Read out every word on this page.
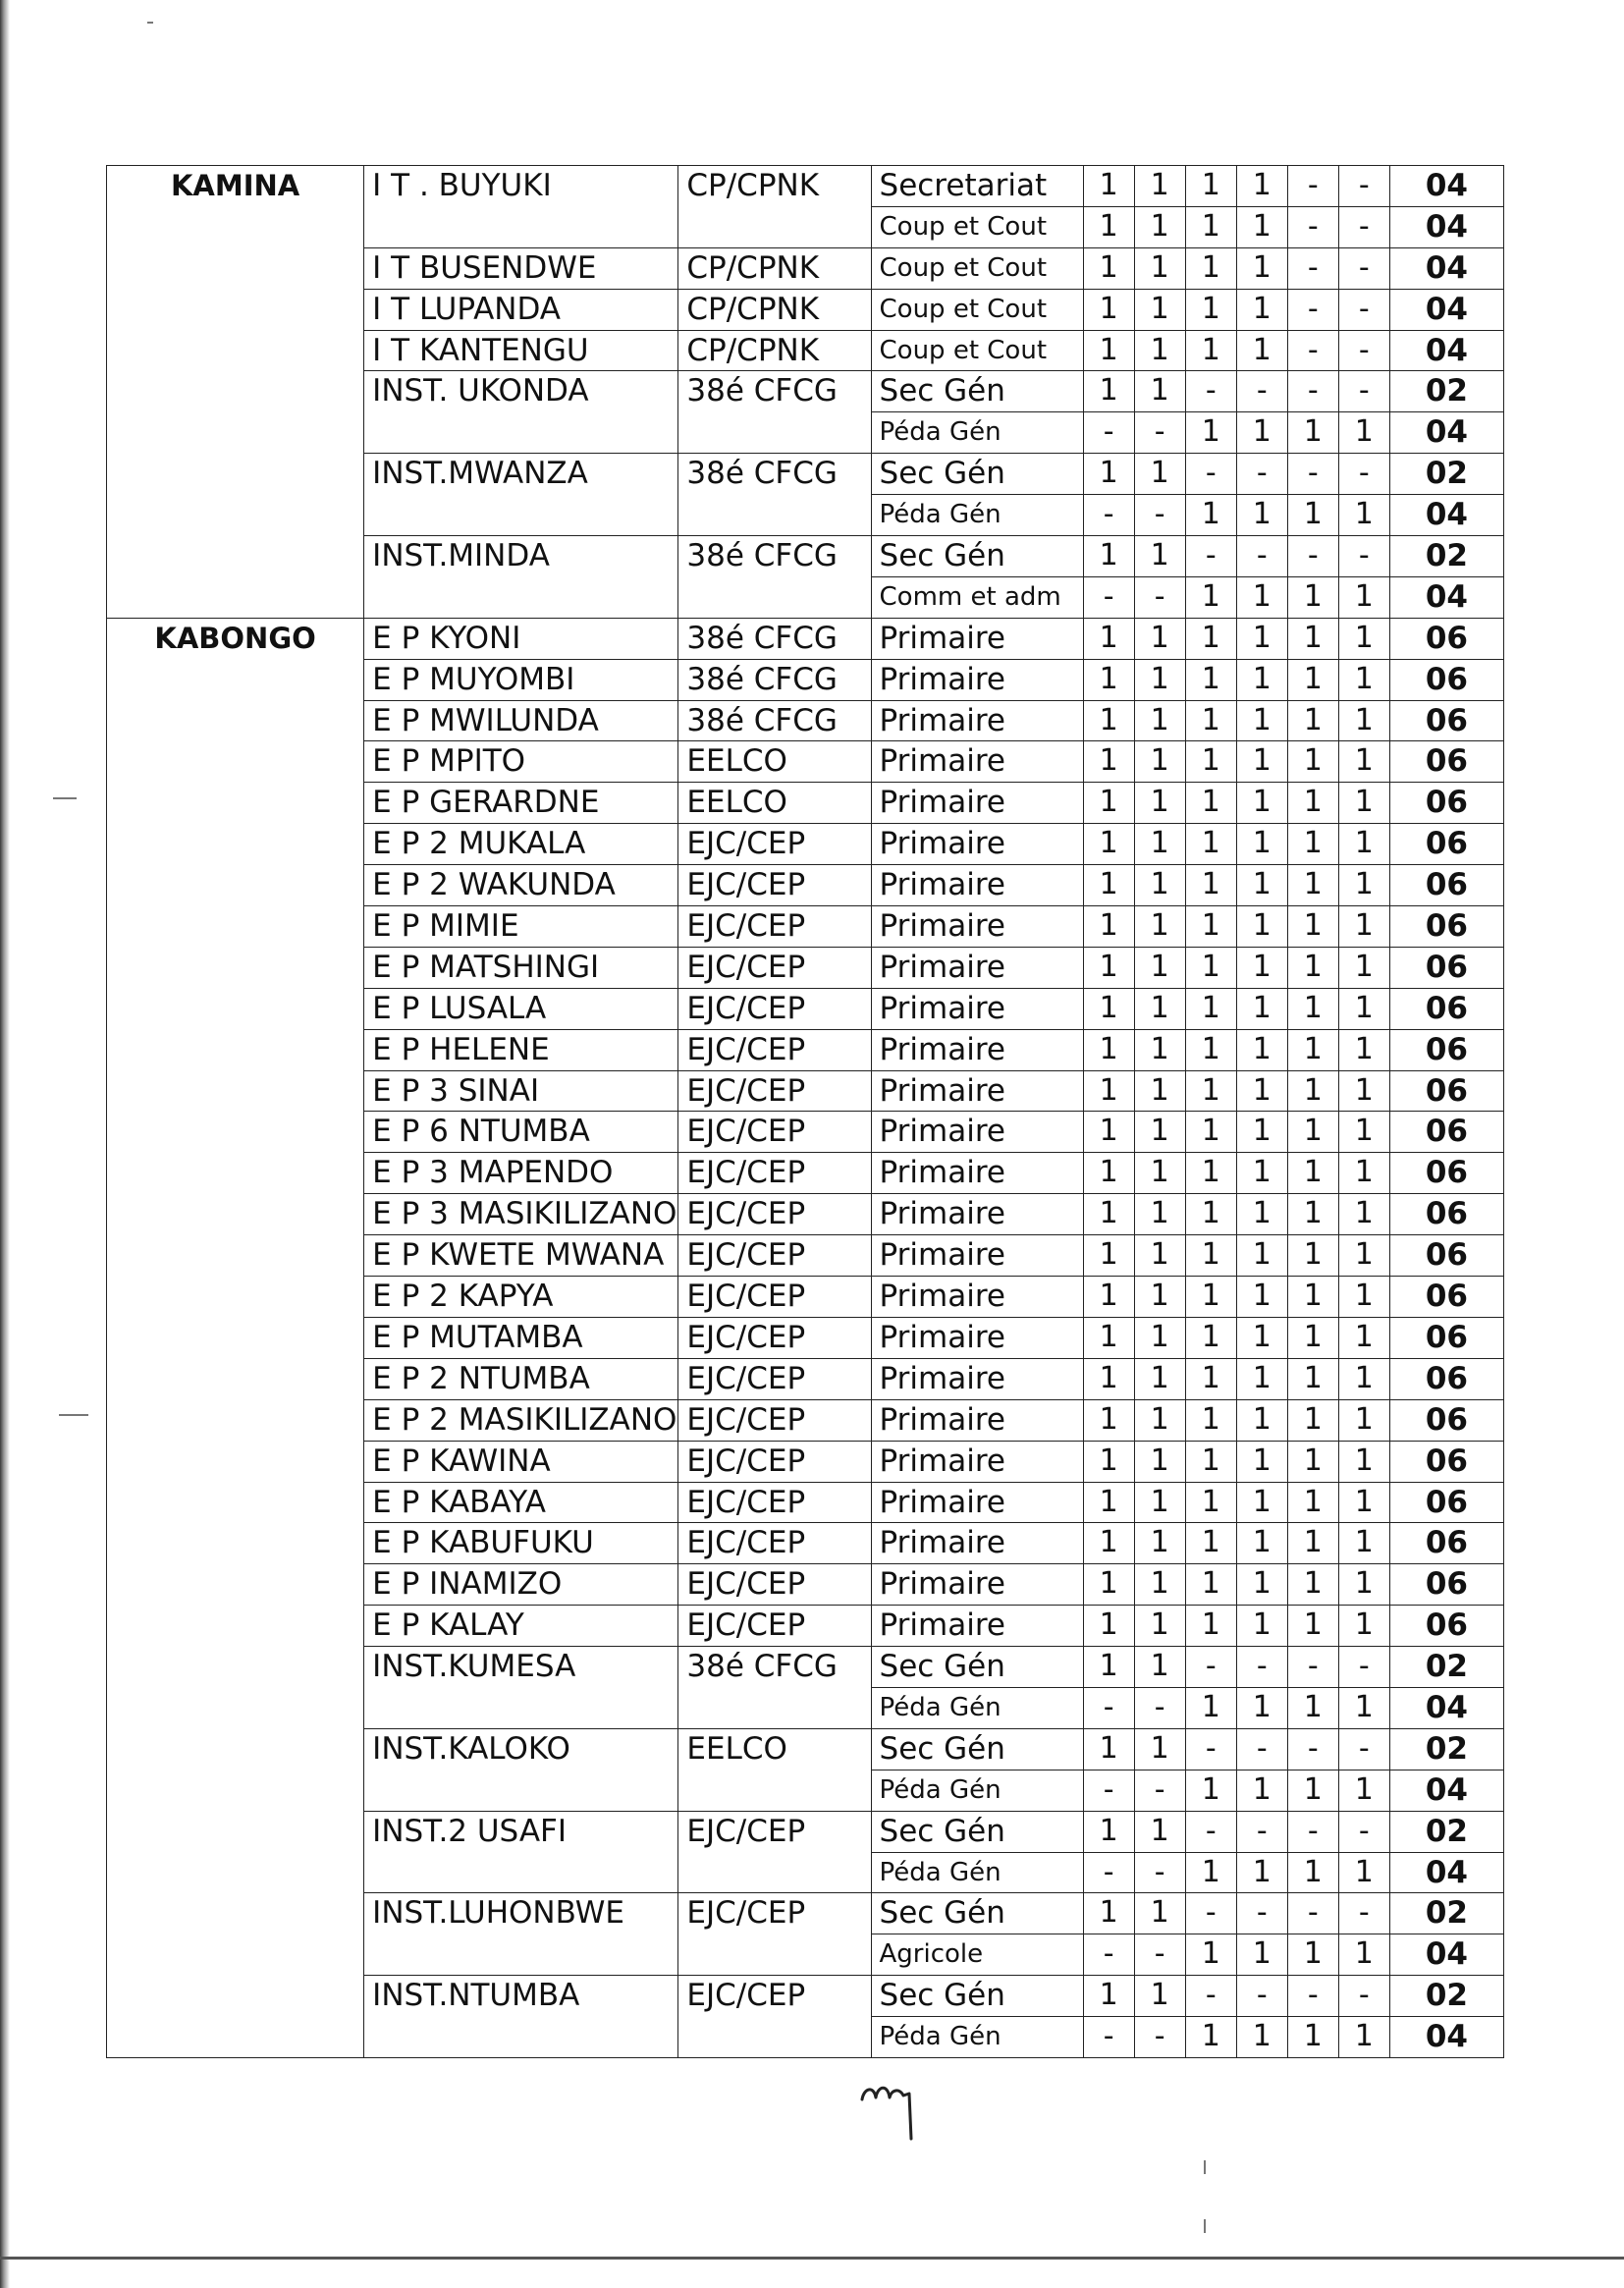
KAMINA	I T . BUYUKI	CP/CPNK	Secretariat	1	1	1	1	-	-	04
			Coup et Cout	1	1	1	1	-	-	04
	I T BUSENDWE	CP/CPNK	Coup et Cout	1	1	1	1	-	-	04
	I T LUPANDA	CP/CPNK	Coup et Cout	1	1	1	1	-	-	04
	I T KANTENGU	CP/CPNK	Coup et Cout	1	1	1	1	-	-	04
	INST. UKONDA	38é CFCG	Sec Gén	1	1	-	-	-	-	02
			Péda Gén	-	-	1	1	1	1	04
	INST.MWANZA	38é CFCG	Sec Gén	1	1	-	-	-	-	02
			Péda Gén	-	-	1	1	1	1	04
	INST.MINDA	38é CFCG	Sec Gén	1	1	-	-	-	-	02
			Comm et adm	-	-	1	1	1	1	04
KABONGO	E P KYONI	38é CFCG	Primaire	1	1	1	1	1	1	06
	E P MUYOMBI	38é CFCG	Primaire	1	1	1	1	1	1	06
	E P MWILUNDA	38é CFCG	Primaire	1	1	1	1	1	1	06
	E P MPITO	EELCO	Primaire	1	1	1	1	1	1	06
	E P GERARDNE	EELCO	Primaire	1	1	1	1	1	1	06
	E P 2 MUKALA	EJC/CEP	Primaire	1	1	1	1	1	1	06
	E P 2 WAKUNDA	EJC/CEP	Primaire	1	1	1	1	1	1	06
	E P MIMIE	EJC/CEP	Primaire	1	1	1	1	1	1	06
	E P MATSHINGI	EJC/CEP	Primaire	1	1	1	1	1	1	06
	E P LUSALA	EJC/CEP	Primaire	1	1	1	1	1	1	06
	E P HELENE	EJC/CEP	Primaire	1	1	1	1	1	1	06
	E P 3 SINAI	EJC/CEP	Primaire	1	1	1	1	1	1	06
	E P 6 NTUMBA	EJC/CEP	Primaire	1	1	1	1	1	1	06
	E P 3 MAPENDO	EJC/CEP	Primaire	1	1	1	1	1	1	06
	E P 3 MASIKILIZANO	EJC/CEP	Primaire	1	1	1	1	1	1	06
	E P KWETE MWANA	EJC/CEP	Primaire	1	1	1	1	1	1	06
	E P 2 KAPYA	EJC/CEP	Primaire	1	1	1	1	1	1	06
	E P MUTAMBA	EJC/CEP	Primaire	1	1	1	1	1	1	06
	E P 2 NTUMBA	EJC/CEP	Primaire	1	1	1	1	1	1	06
	E P 2 MASIKILIZANO	EJC/CEP	Primaire	1	1	1	1	1	1	06
	E P KAWINA	EJC/CEP	Primaire	1	1	1	1	1	1	06
	E P KABAYA	EJC/CEP	Primaire	1	1	1	1	1	1	06
	E P KABUFUKU	EJC/CEP	Primaire	1	1	1	1	1	1	06
	E P INAMIZO	EJC/CEP	Primaire	1	1	1	1	1	1	06
	E P KALAY	EJC/CEP	Primaire	1	1	1	1	1	1	06
	INST.KUMESA	38é CFCG	Sec Gén	1	1	-	-	-	-	02
			Péda Gén	-	-	1	1	1	1	04
	INST.KALOKO	EELCO	Sec Gén	1	1	-	-	-	-	02
			Péda Gén	-	-	1	1	1	1	04
	INST.2 USAFI	EJC/CEP	Sec Gén	1	1	-	-	-	-	02
			Péda Gén	-	-	1	1	1	1	04
	INST.LUHONBWE	EJC/CEP	Sec Gén	1	1	-	-	-	-	02
			Agricole	-	-	1	1	1	1	04
	INST.NTUMBA	EJC/CEP	Sec Gén	1	1	-	-	-	-	02
			Péda Gén	-	-	1	1	1	1	04
